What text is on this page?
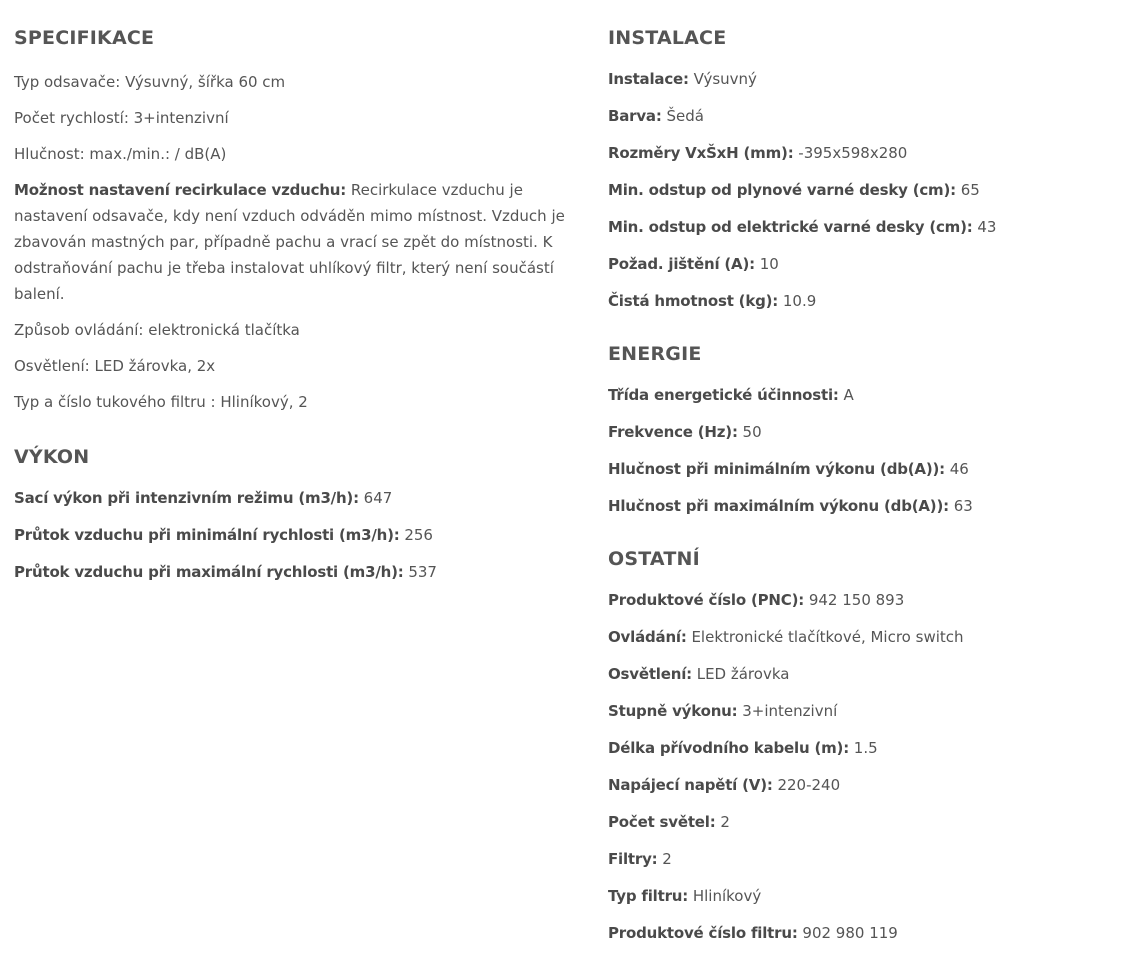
SPECIFIKACE
Typ odsavače: Výsuvný, šířka 60 cm
Počet rychlostí: 3+intenzivní
Hlučnost: max./min.: / dB(A)
Možnost nastavení recirkulace vzduchu: Recirkulace vzduchu je nastavení odsavače, kdy není vzduch odváděn mimo místnost. Vzduch je zbavován mastných par, případně pachu a vrací se zpět do místnosti. K odstraňování pachu je třeba instalovat uhlíkový filtr, který není součástí balení.
Způsob ovládání: elektronická tlačítka
Osvětlení: LED žárovka, 2x
Typ a číslo tukového filtru : Hliníkový, 2
VÝKON
Sací výkon při intenzivním režimu (m3/h): 647
Průtok vzduchu při minimální rychlosti (m3/h): 256
Průtok vzduchu při maximální rychlosti (m3/h): 537
INSTALACE
Instalace: Výsuvný
Barva: Šedá
Rozměry VxŠxH (mm): -395x598x280
Min. odstup od plynové varné desky (cm): 65
Min. odstup od elektrické varné desky (cm): 43
Požad. jištění (A): 10
Čistá hmotnost (kg): 10.9
ENERGIE
Třída energetické účinnosti: A
Frekvence (Hz): 50
Hlučnost při minimálním výkonu (db(A)): 46
Hlučnost při maximálním výkonu (db(A)): 63
OSTATNÍ
Produktové číslo (PNC): 942 150 893
Ovládání: Elektronické tlačítkové, Micro switch
Osvětlení: LED žárovka
Stupně výkonu: 3+intenzivní
Délka přívodního kabelu (m): 1.5
Napájecí napětí (V): 220-240
Počet světel: 2
Filtry: 2
Typ filtru: Hliníkový
Produktové číslo filtru: 902 980 119
